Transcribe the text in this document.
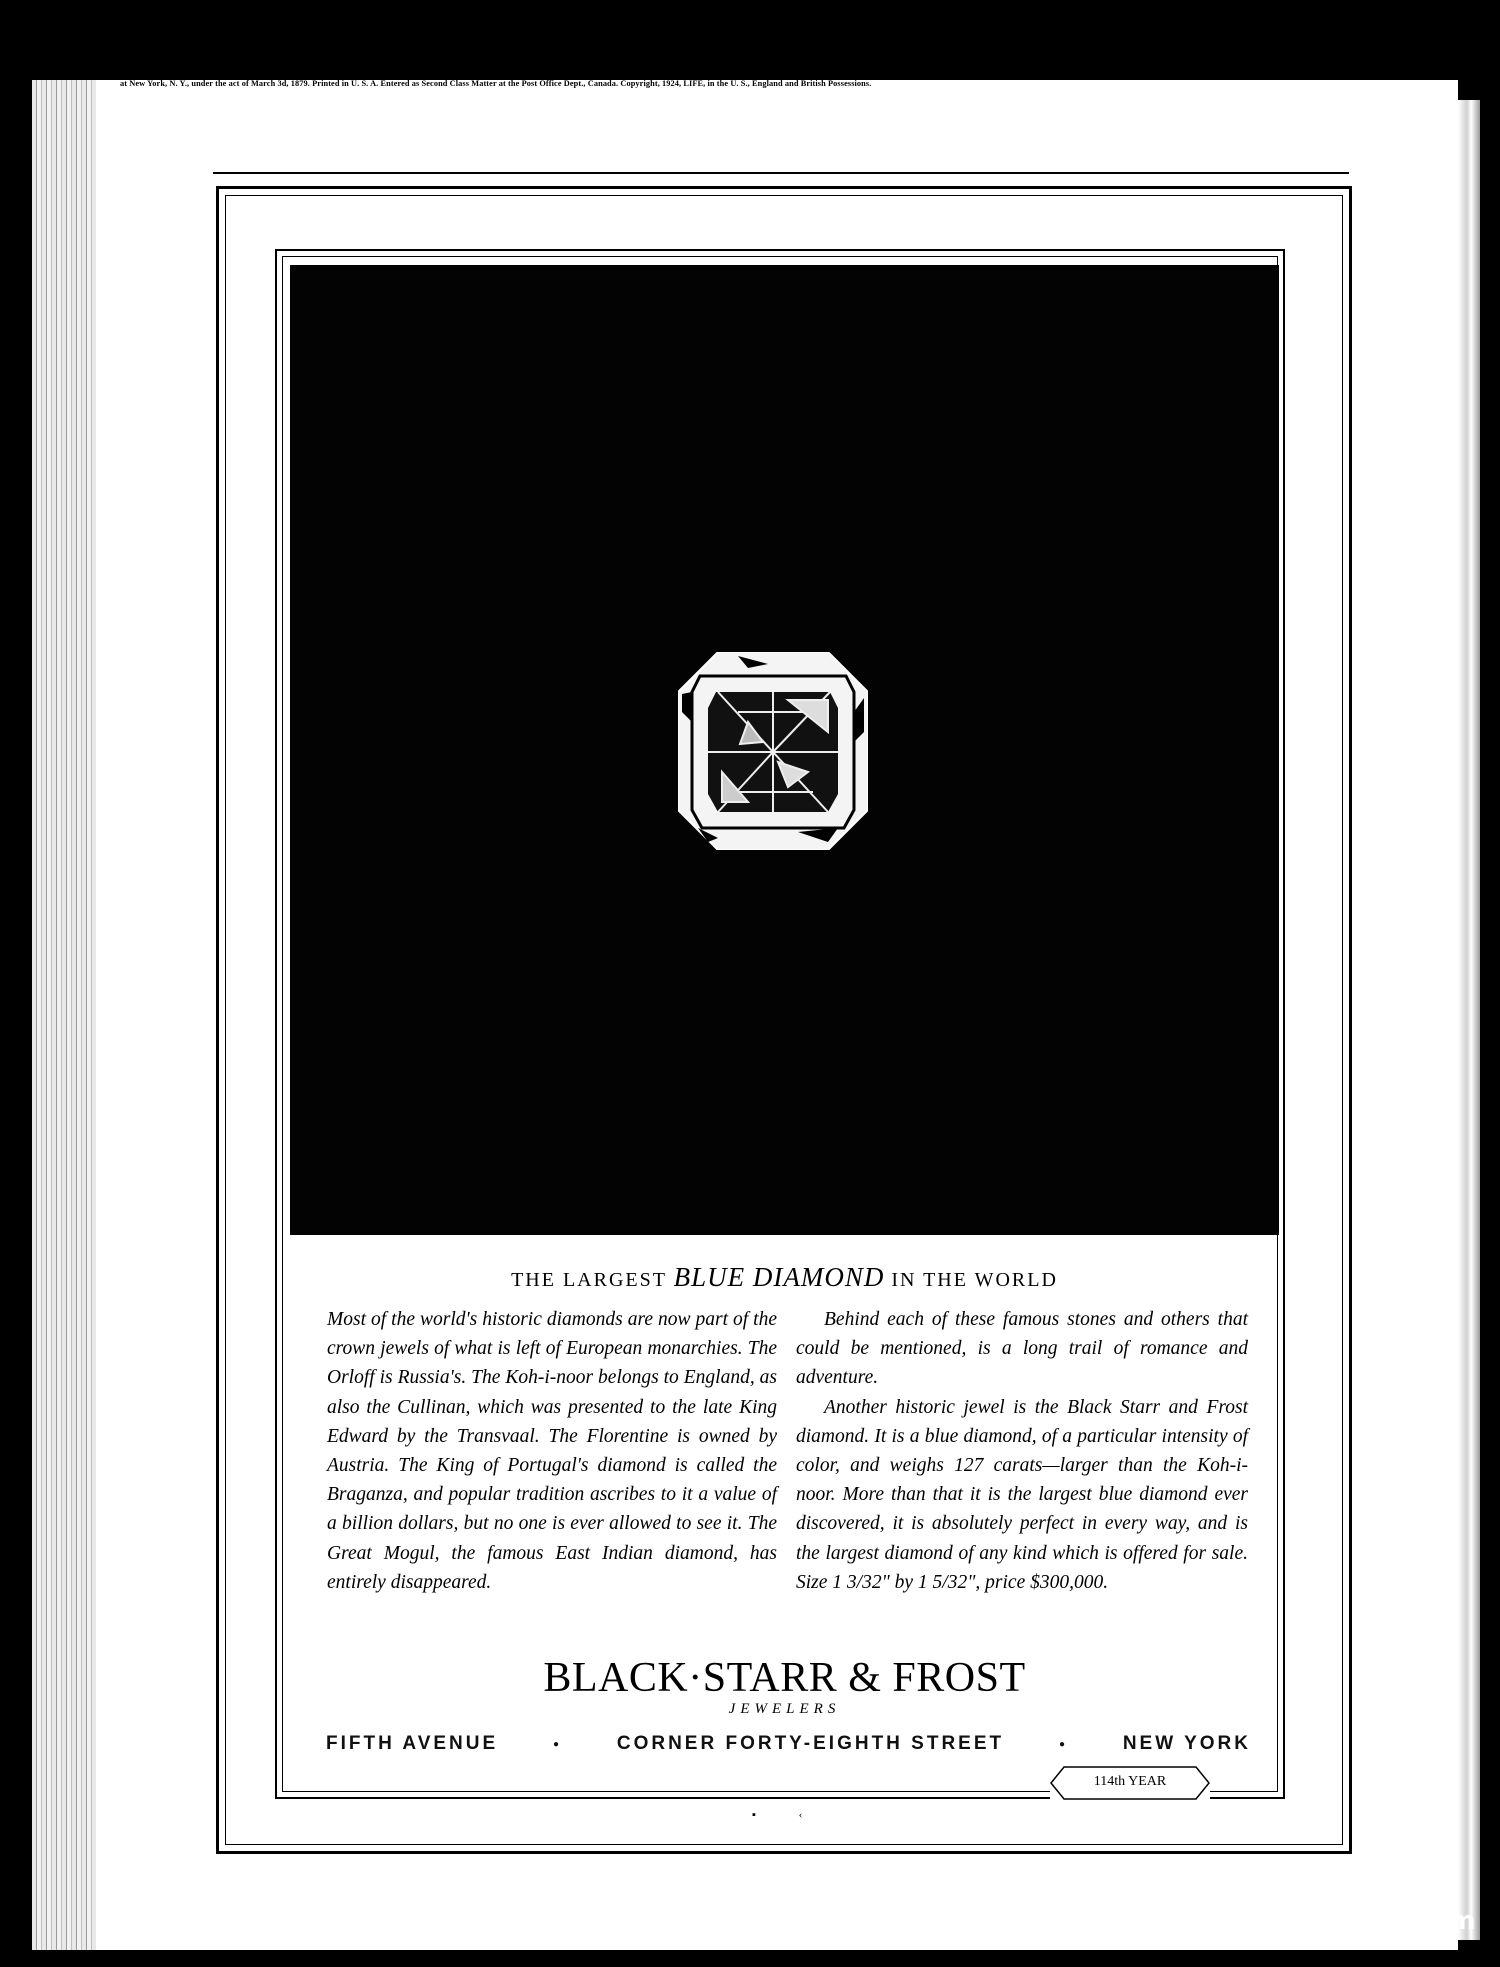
LIFE. Published Weekly by Life Pub. Co., at 598 Madison Ave., New York, N. Y. Subscription, $5.00. Vol. 83. No. 2153. February 7, 1924. Entered as Second Class Matter June 8, 1883, at the Post Office
at New York, N. Y., under the act of March 3d, 1879. Printed in U. S. A. Entered as Second Class Matter at the Post Office Dept., Canada. Copyright, 1924, LIFE, in the U. S., England and British Possessions.
THE LARGEST BLUE DIAMOND IN THE WORLD

Most of the world's historic diamonds are now part of the crown jewels of what is left of European monarchies. The Orloff is Russia's. The Koh-i-noor belongs to England, as also the Cullinan, which was presented to the late King Edward by the Transvaal. The Florentine is owned by Austria. The King of Portugal's diamond is called the Braganza, and popular tradition ascribes to it a value of a billion dollars, but no one is ever allowed to see it. The Great Mogul, the famous East Indian diamond, has entirely disappeared.

Behind each of these famous stones and others that could be mentioned, is a long trail of romance and adventure.

Another historic jewel is the Black Starr and Frost diamond. It is a blue diamond, of a particular intensity of color, and weighs 127 carats—larger than the Koh-i-noor. More than that it is the largest blue diamond ever discovered, it is absolutely perfect in every way, and is the largest diamond of any kind which is offered for sale. Size 1 3/32" by 1 5/32", price $300,000.

BLACK·STARR & FROST
JEWELERS
FIFTH AVENUE	●	CORNER FORTY-EIGHTH STREET	●	NEW YORK
114th YEAR
▪ ‹
comicbooks.com
